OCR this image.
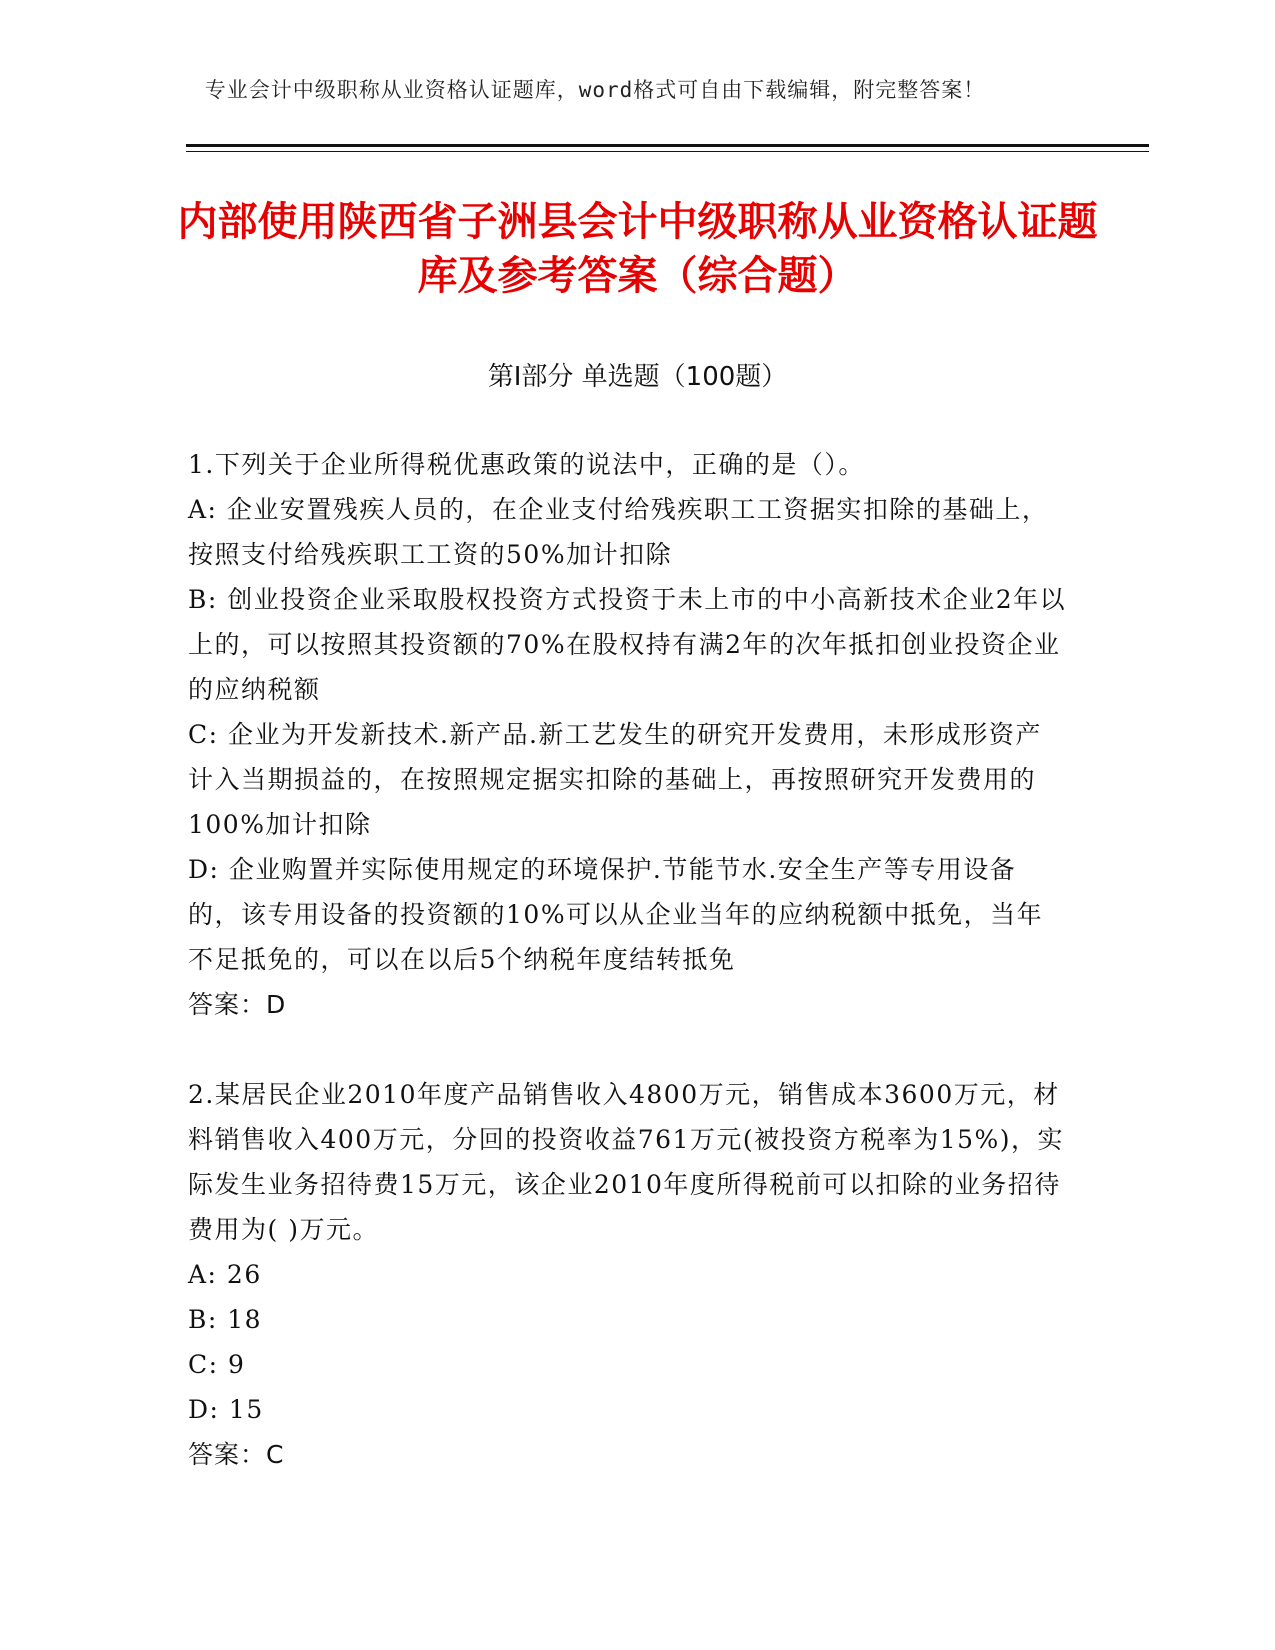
专业会计中级职称从业资格认证题库，word格式可自由下载编辑，附完整答案！
内部使用陕西省子洲县会计中级职称从业资格认证题库及参考答案（综合题）
第Ⅰ部分 单选题（100题）

1.下列关于企业所得税优惠政策的说法中，正确的是（）。

A: 企业安置残疾人员的，在企业支付给残疾职工工资据实扣除的基础上，按照支付给残疾职工工资的50%加计扣除

B: 创业投资企业采取股权投资方式投资于未上市的中小高新技术企业2年以上的，可以按照其投资额的70%在股权持有满2年的次年抵扣创业投资企业的应纳税额

C: 企业为开发新技术.新产品.新工艺发生的研究开发费用，未形成形资产计入当期损益的，在按照规定据实扣除的基础上，再按照研究开发费用的100%加计扣除

D: 企业购置并实际使用规定的环境保护.节能节水.安全生产等专用设备的，该专用设备的投资额的10%可以从企业当年的应纳税额中抵免，当年不足抵免的，可以在以后5个纳税年度结转抵免

答案：D

2.某居民企业2010年度产品销售收入4800万元，销售成本3600万元，材料销售收入400万元，分回的投资收益761万元(被投资方税率为15%)，实际发生业务招待费15万元，该企业2010年度所得税前可以扣除的业务招待费用为( )万元。

A: 26

B: 18

C: 9

D: 15

答案：C
